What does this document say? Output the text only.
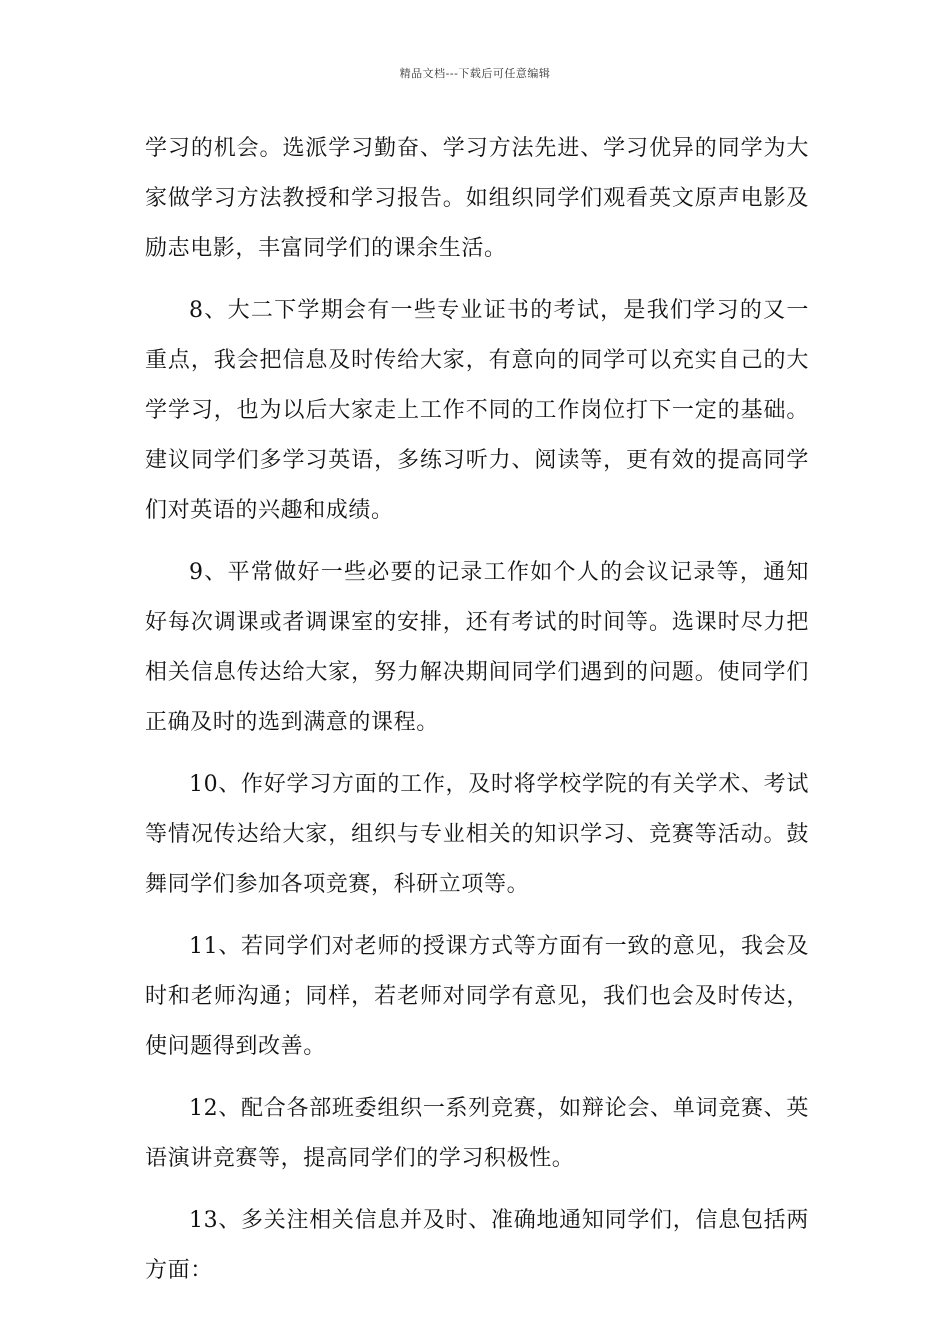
精品文档---下载后可任意编辑

学习的机会。选派学习勤奋、学习方法先进、学习优异的同学为大家做学习方法教授和学习报告。如组织同学们观看英文原声电影及励志电影，丰富同学们的课余生活。

8、大二下学期会有一些专业证书的考试，是我们学习的又一重点，我会把信息及时传给大家，有意向的同学可以充实自己的大学学习，也为以后大家走上工作不同的工作岗位打下一定的基础。建议同学们多学习英语，多练习听力、阅读等，更有效的提高同学们对英语的兴趣和成绩。

9、平常做好一些必要的记录工作如个人的会议记录等，通知好每次调课或者调课室的安排，还有考试的时间等。选课时尽力把相关信息传达给大家，努力解决期间同学们遇到的问题。使同学们正确及时的选到满意的课程。

10、作好学习方面的工作，及时将学校学院的有关学术、考试等情况传达给大家，组织与专业相关的知识学习、竞赛等活动。鼓舞同学们参加各项竞赛，科研立项等。

11、若同学们对老师的授课方式等方面有一致的意见，我会及时和老师沟通；同样，若老师对同学有意见，我们也会及时传达，使问题得到改善。

12、配合各部班委组织一系列竞赛，如辩论会、单词竞赛、英语演讲竞赛等，提高同学们的学习积极性。

13、多关注相关信息并及时、准确地通知同学们，信息包括两方面：
